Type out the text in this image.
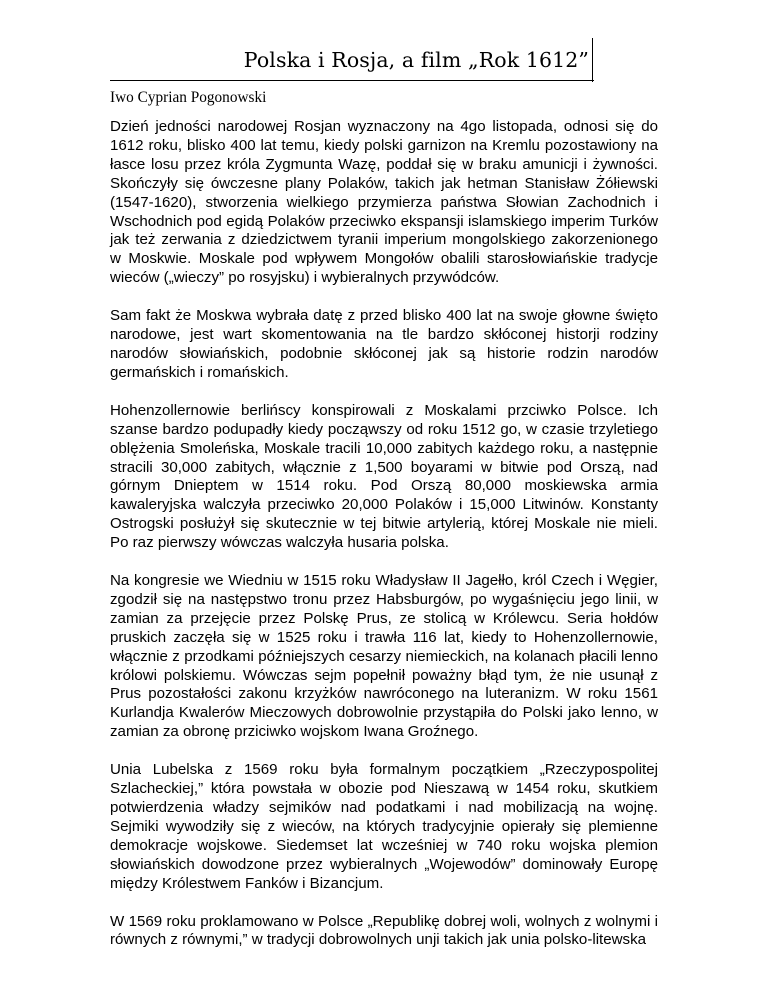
Polska i Rosja, a film „Rok 1612”
Iwo Cyprian Pogonowski

Dzień jedności narodowej Rosjan wyznaczony na 4go listopada, odnosi się do 1612 roku, blisko 400 lat temu, kiedy polski garnizon na Kremlu pozostawiony na łasce losu przez króla Zygmunta Wazę, poddał się w braku amunicji i żywności. Skończyły się ówczesne plany Polaków, takich jak hetman Stanisław Żółiewski (1547-1620), stworzenia wielkiego przymierza państwa Słowian Zachodnich i Wschodnich pod egidą Polaków przeciwko ekspansji islamskiego imperim Turków jak też zerwania z dziedzictwem tyranii imperium mongolskiego zakorzenionego w Moskwie. Moskale pod wpływem Mongołów obalili starosłowiańskie tradycje wieców („wieczy” po rosyjsku) i wybieralnych przywódców.

Sam fakt że Moskwa wybrała datę z przed blisko 400 lat na swoje głowne święto narodowe, jest wart skomentowania na tle bardzo skłóconej historji rodziny narodów słowiańskich, podobnie skłóconej jak są historie rodzin narodów germańskich i romańskich.

Hohenzollernowie berlińscy konspirowali z Moskalami przciwko Polsce. Ich szanse bardzo podupadły kiedy począwszy od roku 1512 go, w czasie trzyletiego oblężenia Smoleńska, Moskale tracili 10,000 zabitych każdego roku, a następnie stracili 30,000 zabitych, włącznie z 1,500 boyarami w bitwie pod Orszą, nad górnym Dnieptem w 1514 roku. Pod Orszą 80,000 moskiewska armia kawaleryjska walczyła przeciwko 20,000 Polaków i 15,000 Litwinów. Konstanty Ostrogski posłużył się skutecznie w tej bitwie artylerią, której Moskale nie mieli. Po raz pierwszy wówczas walczyła husaria polska.

Na kongresie we Wiedniu w 1515 roku Władysław II Jagełło, król Czech i Węgier, zgodził się na następstwo tronu przez Habsburgów, po wygaśnięciu jego linii, w zamian za przejęcie przez Polskę Prus, ze stolicą w Królewcu. Seria hołdów pruskich zaczęła się w 1525 roku i trawła 116 lat, kiedy to Hohenzollernowie, włącznie z przodkami późniejszych cesarzy niemieckich, na kolanach płacili lenno królowi polskiemu. Wówczas sejm popełnił poważny błąd tym, że nie usunął z Prus pozostałości zakonu krzyżków nawróconego na luteranizm. W roku 1561 Kurlandja Kwalerów Mieczowych dobrowolnie przystąpiła do Polski jako lenno, w zamian za obronę prziciwko wojskom Iwana Groźnego.

Unia Lubelska z 1569 roku była formalnym początkiem „Rzeczypospolitej Szlacheckiej,” która powstała w obozie pod Nieszawą w 1454 roku, skutkiem potwierdzenia władzy sejmików nad podatkami i nad mobilizacją na wojnę. Sejmiki wywodziły się z wieców, na których tradycyjnie opierały się plemienne demokracje wojskowe. Siedemset lat wcześniej w 740 roku wojska plemion słowiańskich dowodzone przez wybieralnych „Wojewodów” dominowały Europę między Królestwem Fanków i Bizancjum.

W 1569 roku proklamowano w Polsce „Republikę dobrej woli, wolnych z wolnymi i równych z równymi,” w tradycji dobrowolnych unji takich jak unia polsko-litewska
